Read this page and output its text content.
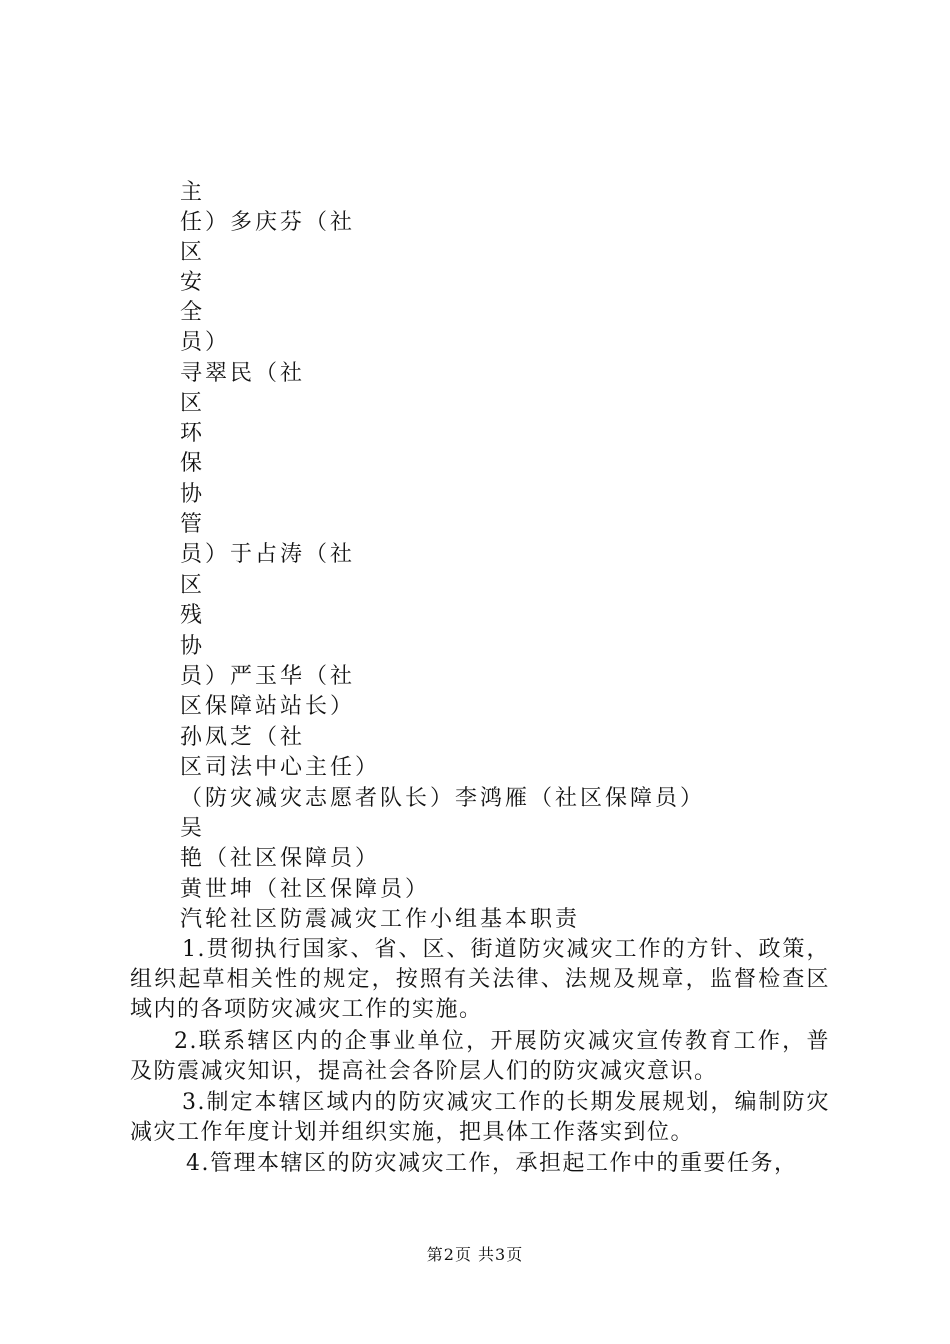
主
任）多庆芬（社
区
安
全
员）
寻翠民（社
区
环
保
协
管
员）于占涛（社
区
残
协
员）严玉华（社
区保障站站长）
孙凤芝（社
区司法中心主任）
（防灾减灾志愿者队长）李鸿雁（社区保障员）
吴
艳（社区保障员）
黄世坤（社区保障员）
汽轮社区防震减灾工作小组基本职责
1.贯彻执行国家、省、区、街道防灾减灾工作的方针、政策，组织起草相关性的规定，按照有关法律、法规及规章，监督检查区域内的各项防灾减灾工作的实施。
2.联系辖区内的企事业单位，开展防灾减灾宣传教育工作，普及防震减灾知识，提高社会各阶层人们的防灾减灾意识。
3.制定本辖区域内的防灾减灾工作的长期发展规划，编制防灾减灾工作年度计划并组织实施，把具体工作落实到位。
4.管理本辖区的防灾减灾工作，承担起工作中的重要任务，
第2页 共3页
